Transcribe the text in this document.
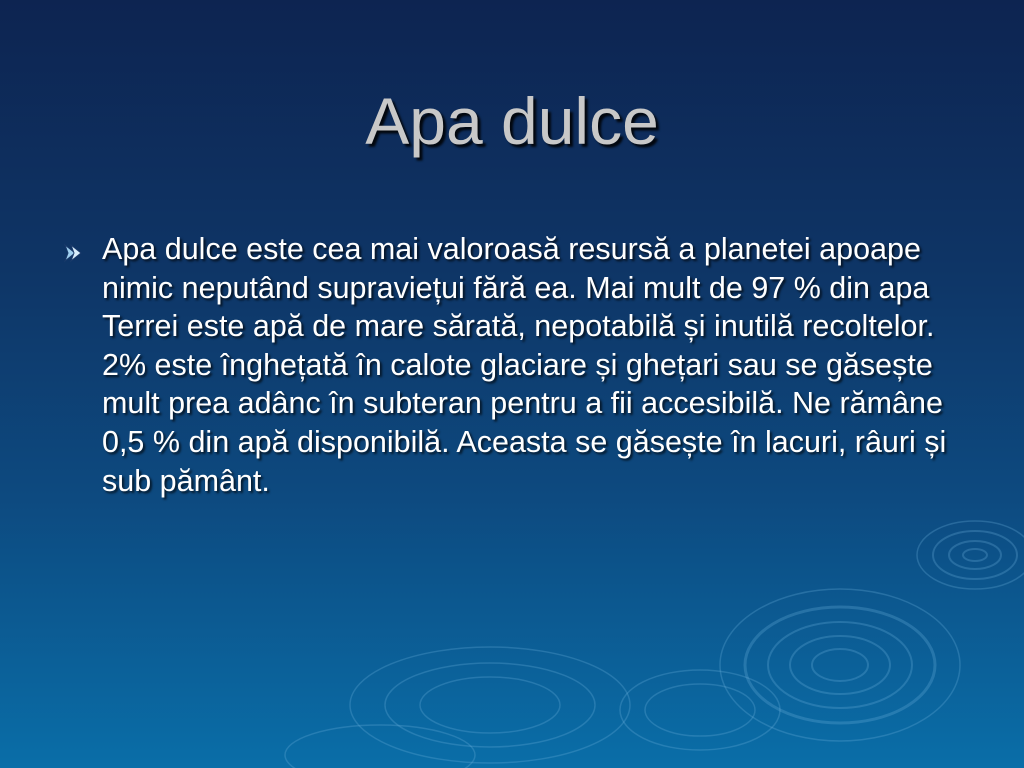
Apa dulce
Apa dulce este cea mai valoroasă resursă a planetei apoape nimic neputând supraviețui fără ea. Mai mult de 97 % din apa Terrei este apă de mare sărată, nepotabilă și inutilă recoltelor. 2% este înghețată în calote glaciare și ghețari sau se găsește mult prea adânc în subteran pentru a fii accesibilă. Ne rămâne 0,5 % din apă disponibilă. Aceasta se găsește în lacuri, râuri și sub pământ.
